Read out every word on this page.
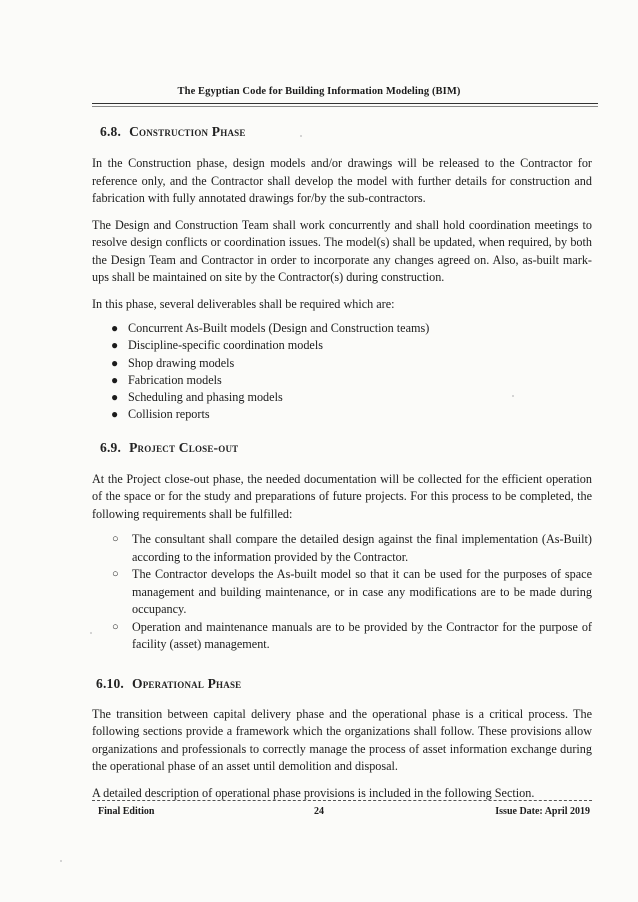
The Egyptian Code for Building Information Modeling (BIM)
6.8. Construction Phase

In the Construction phase, design models and/or drawings will be released to the Contractor for reference only, and the Contractor shall develop the model with further details for construction and fabrication with fully annotated drawings for/by the sub-contractors.

The Design and Construction Team shall work concurrently and shall hold coordination meetings to resolve design conflicts or coordination issues. The model(s) shall be updated, when required, by both the Design Team and Contractor in order to incorporate any changes agreed on. Also, as-built mark-ups shall be maintained on site by the Contractor(s) during construction.

In this phase, several deliverables shall be required which are:

● Concurrent As-Built models (Design and Construction teams)
● Discipline-specific coordination models
● Shop drawing models
● Fabrication models
● Scheduling and phasing models
● Collision reports
6.9. Project Close-out

At the Project close-out phase, the needed documentation will be collected for the efficient operation of the space or for the study and preparations of future projects. For this process to be completed, the following requirements shall be fulfilled:

○ The consultant shall compare the detailed design against the final implementation (As-Built) according to the information provided by the Contractor.
○ The Contractor develops the As-built model so that it can be used for the purposes of space management and building maintenance, or in case any modifications are to be made during occupancy.
○ Operation and maintenance manuals are to be provided by the Contractor for the purpose of facility (asset) management.
6.10. Operational Phase

The transition between capital delivery phase and the operational phase is a critical process. The following sections provide a framework which the organizations shall follow. These provisions allow organizations and professionals to correctly manage the process of asset information exchange during the operational phase of an asset until demolition and disposal.

A detailed description of operational phase provisions is included in the following Section.

Final Edition	24	Issue Date: April 2019
